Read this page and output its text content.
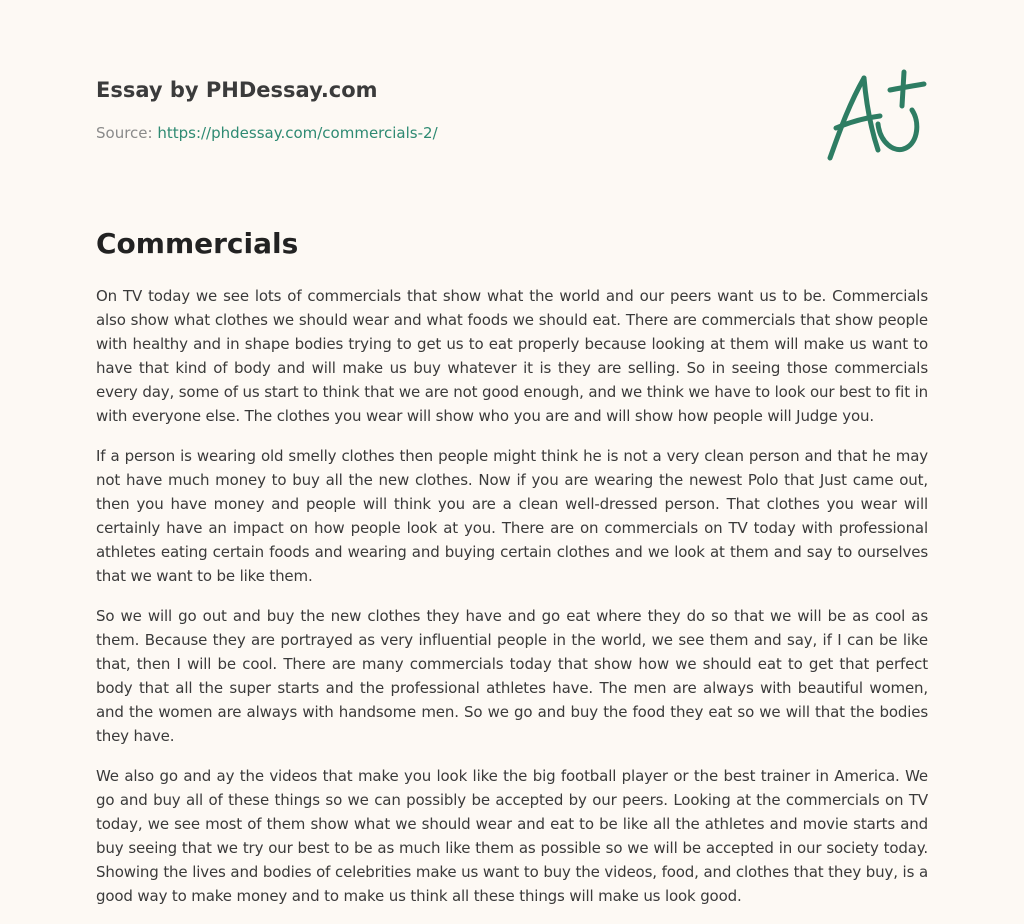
Essay by PHDessay.com
Source: https://phdessay.com/commercials-2/
Commercials

On TV today we see lots of commercials that show what the world and our peers want us to be. Commercials also show what clothes we should wear and what foods we should eat. There are commercials that show people with healthy and in shape bodies trying to get us to eat properly because looking at them will make us want to have that kind of body and will make us buy whatever it is they are selling. So in seeing those commercials every day, some of us start to think that we are not good enough, and we think we have to look our best to fit in with everyone else. The clothes you wear will show who you are and will show how people will Judge you.

If a person is wearing old smelly clothes then people might think he is not a very clean person and that he may not have much money to buy all the new clothes. Now if you are wearing the newest Polo that Just came out, then you have money and people will think you are a clean well-dressed person. That clothes you wear will certainly have an impact on how people look at you. There are on commercials on TV today with professional athletes eating certain foods and wearing and buying certain clothes and we look at them and say to ourselves that we want to be like them.

So we will go out and buy the new clothes they have and go eat where they do so that we will be as cool as them. Because they are portrayed as very influential people in the world, we see them and say, if I can be like that, then I will be cool. There are many commercials today that show how we should eat to get that perfect body that all the super starts and the professional athletes have. The men are always with beautiful women, and the women are always with handsome men. So we go and buy the food they eat so we will that the bodies they have.

We also go and ay the videos that make you look like the big football player or the best trainer in America. We go and buy all of these things so we can possibly be accepted by our peers. Looking at the commercials on TV today, we see most of them show what we should wear and eat to be like all the athletes and movie starts and buy seeing that we try our best to be as much like them as possible so we will be accepted in our society today. Showing the lives and bodies of celebrities make us want to buy the videos, food, and clothes that they buy, is a good way to make money and to make us think all these things will make us look good.
